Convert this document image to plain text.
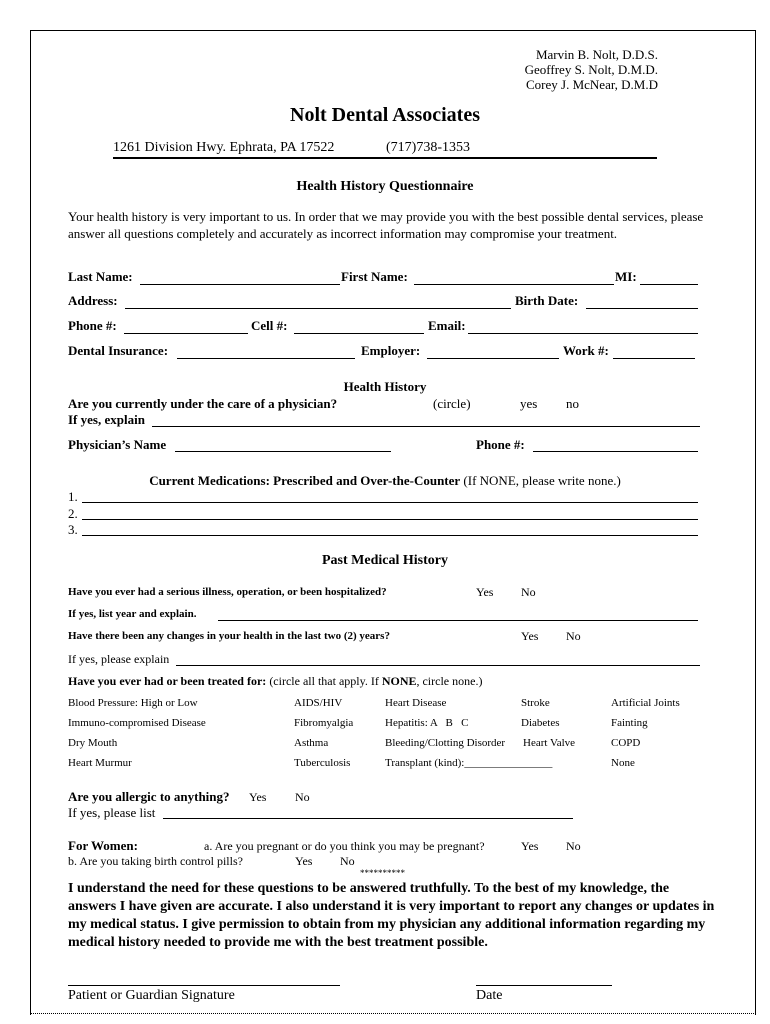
Marvin B. Nolt, D.D.S.
Geoffrey S. Nolt, D.M.D.
Corey J. McNear, D.M.D
Nolt Dental Associates
1261 Division Hwy. Ephrata, PA 17522	(717)738-1353
Health History Questionnaire
Your health history is very important to us. In order that we may provide you with the best possible dental services, please answer all questions completely and accurately as incorrect information may compromise your treatment.
Last Name:	First Name:	MI:
Address:	Birth Date:
Phone #:	Cell #:	Email:
Dental Insurance:	Employer:	Work #:
Health History
Are you currently under the care of a physician?	(circle)	yes no
If yes, explain
Physician’s Name	Phone #:
Current Medications: Prescribed and Over-the-Counter (If NONE, please write none.)
1.
2.
3.
Past Medical History
Have you ever had a serious illness, operation, or been hospitalized?	Yes No
If yes, list year and explain.
Have there been any changes in your health in the last two (2) years?	Yes No
If yes, please explain
Have you ever had or been treated for: (circle all that apply. If NONE, circle none.)
Blood Pressure: High or Low	AIDS/HIV	Heart Disease	Stroke	Artificial Joints
Immuno-compromised Disease	Fibromyalgia	Hepatitis: A   B   C	Diabetes	Fainting
Dry Mouth	Asthma	Bleeding/Clotting Disorder Heart Valve	COPD
Heart Murmur	Tuberculosis	Transplant (kind):________________	None
Are you allergic to anything? Yes No
If yes, please list
For Women:	a. Are you pregnant or do you think you may be pregnant?	Yes No
b. Are you taking birth control pills?	Yes No
**********
I understand the need for these questions to be answered truthfully. To the best of my knowledge, the answers I have given are accurate. I also understand it is very important to report any changes or updates in my medical status. I give permission to obtain from my physician any additional information regarding my medical history needed to provide me with the best treatment possible.
Patient or Guardian Signature	Date
